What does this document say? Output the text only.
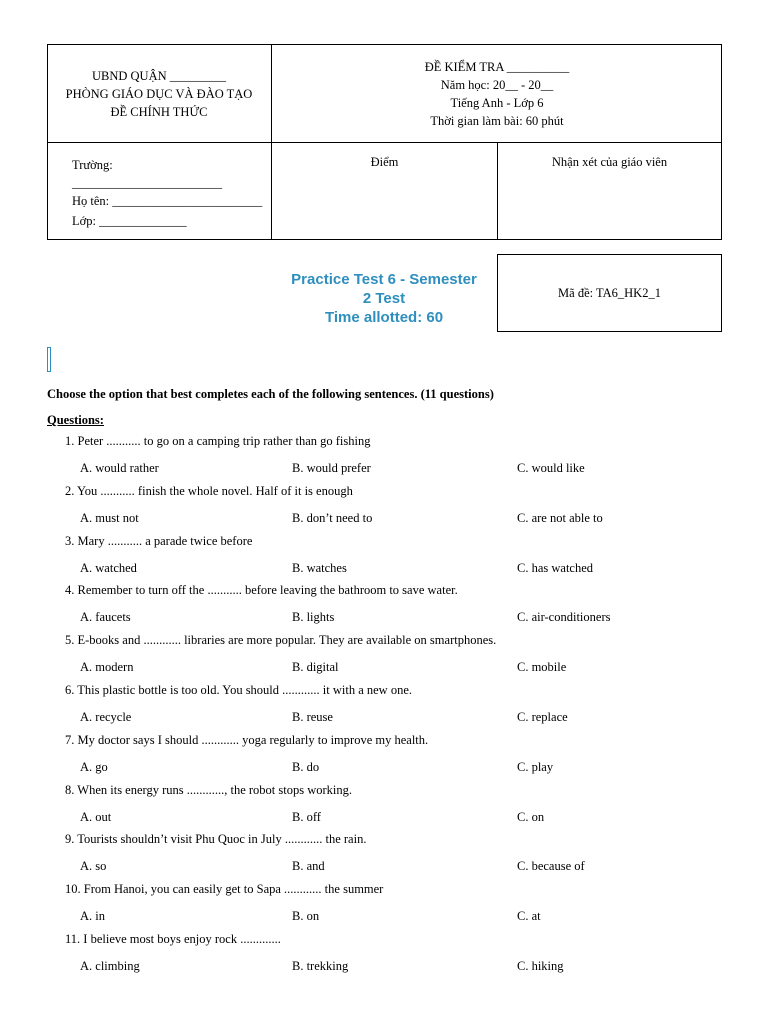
UBND QUẬN _________
PHÒNG GIÁO DỤC VÀ ĐÀO TẠO
ĐỀ CHÍNH THỨC
ĐỀ KIỂM TRA __________
Năm học: 20__ - 20__
Tiếng Anh - Lớp 6
Thời gian làm bài: 60 phút
Trường:
________________________
Họ tên: ________________________
Lớp: ______________
Điểm	Nhận xét của giáo viên
Practice Test 6 - Semester
2 Test
Time allotted: 60
Mã đề: TA6_HK2_1
Choose the option that best completes each of the following sentences. (11 questions)
Questions:
1. Peter ........... to go on a camping trip rather than go fishing
A. would rather	B. would prefer	C. would like
2. You ........... finish the whole novel. Half of it is enough
A. must not	B. don’t need to	C. are not able to
3. Mary ........... a parade twice before
A. watched	B. watches	C. has watched
4. Remember to turn off the ........... before leaving the bathroom to save water.
A. faucets	B. lights	C. air-conditioners
5. E-books and ............ libraries are more popular. They are available on smartphones.
A. modern	B. digital	C. mobile
6. This plastic bottle is too old. You should ............ it with a new one.
A. recycle	B. reuse	C. replace
7. My doctor says I should ............ yoga regularly to improve my health.
A. go	B. do	C. play
8. When its energy runs ............, the robot stops working.
A. out	B. off	C. on
9. Tourists shouldn’t visit Phu Quoc in July ............ the rain.
A. so	B. and	C. because of
10. From Hanoi, you can easily get to Sapa ............ the summer
A. in	B. on	C. at
11. I believe most boys enjoy rock .............
A. climbing	B. trekking	C. hiking
